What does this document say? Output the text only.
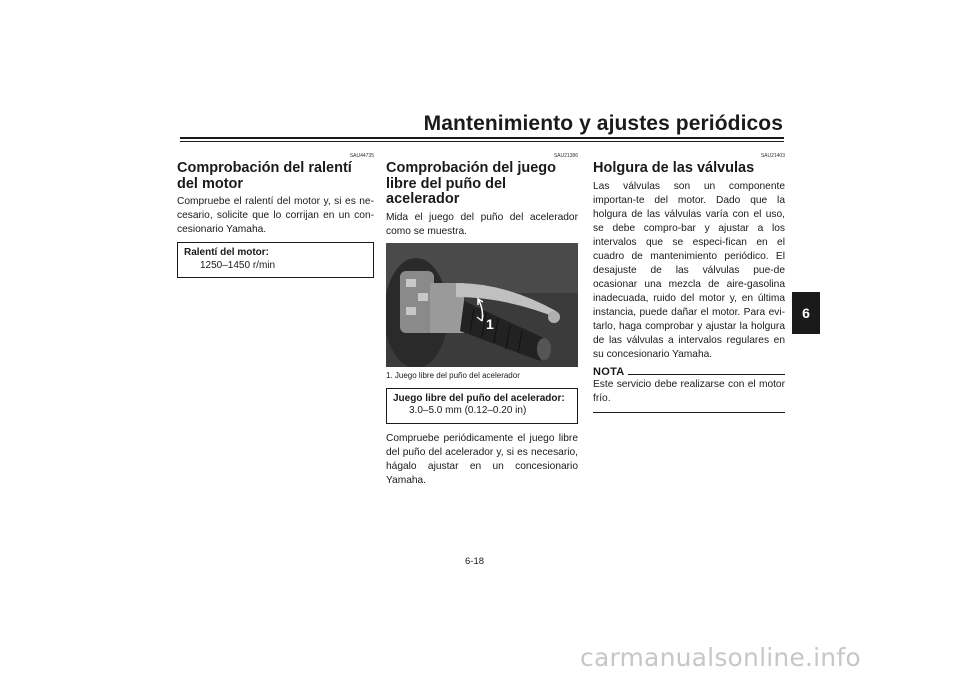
Mantenimiento y ajustes periódicos
6
SAU44735
Comprobación del ralentí del motor

Compruebe el ralentí del motor y, si es ne-cesario, solicite que lo corrijan en un con-cesionario Yamaha.

Ralentí del motor:
1250–1450 r/min
SAU21386
Comprobación del juego libre del puño del acelerador

Mida el juego del puño del acelerador como se muestra.

1
1. Juego libre del puño del acelerador
Juego libre del puño del acelerador:
3.0–5.0 mm (0.12–0.20 in)

Compruebe periódicamente el juego libre del puño del acelerador y, si es necesario, hágalo ajustar en un concesionario Yamaha.

SAU21403
Holgura de las válvulas

Las válvulas son un componente importan-te del motor. Dado que la holgura de las válvulas varía con el uso, se debe compro-bar y ajustar a los intervalos que se especi-fican en el cuadro de mantenimiento periódico. El desajuste de las válvulas pue-de ocasionar una mezcla de aire-gasolina inadecuada, ruido del motor y, en última instancia, puede dañar el motor. Para evi-tarlo, haga comprobar y ajustar la holgura de las válvulas a intervalos regulares en su concesionario Yamaha.

NOTA

Este servicio debe realizarse con el motor frío.

6-18
carmanualsonline.info
